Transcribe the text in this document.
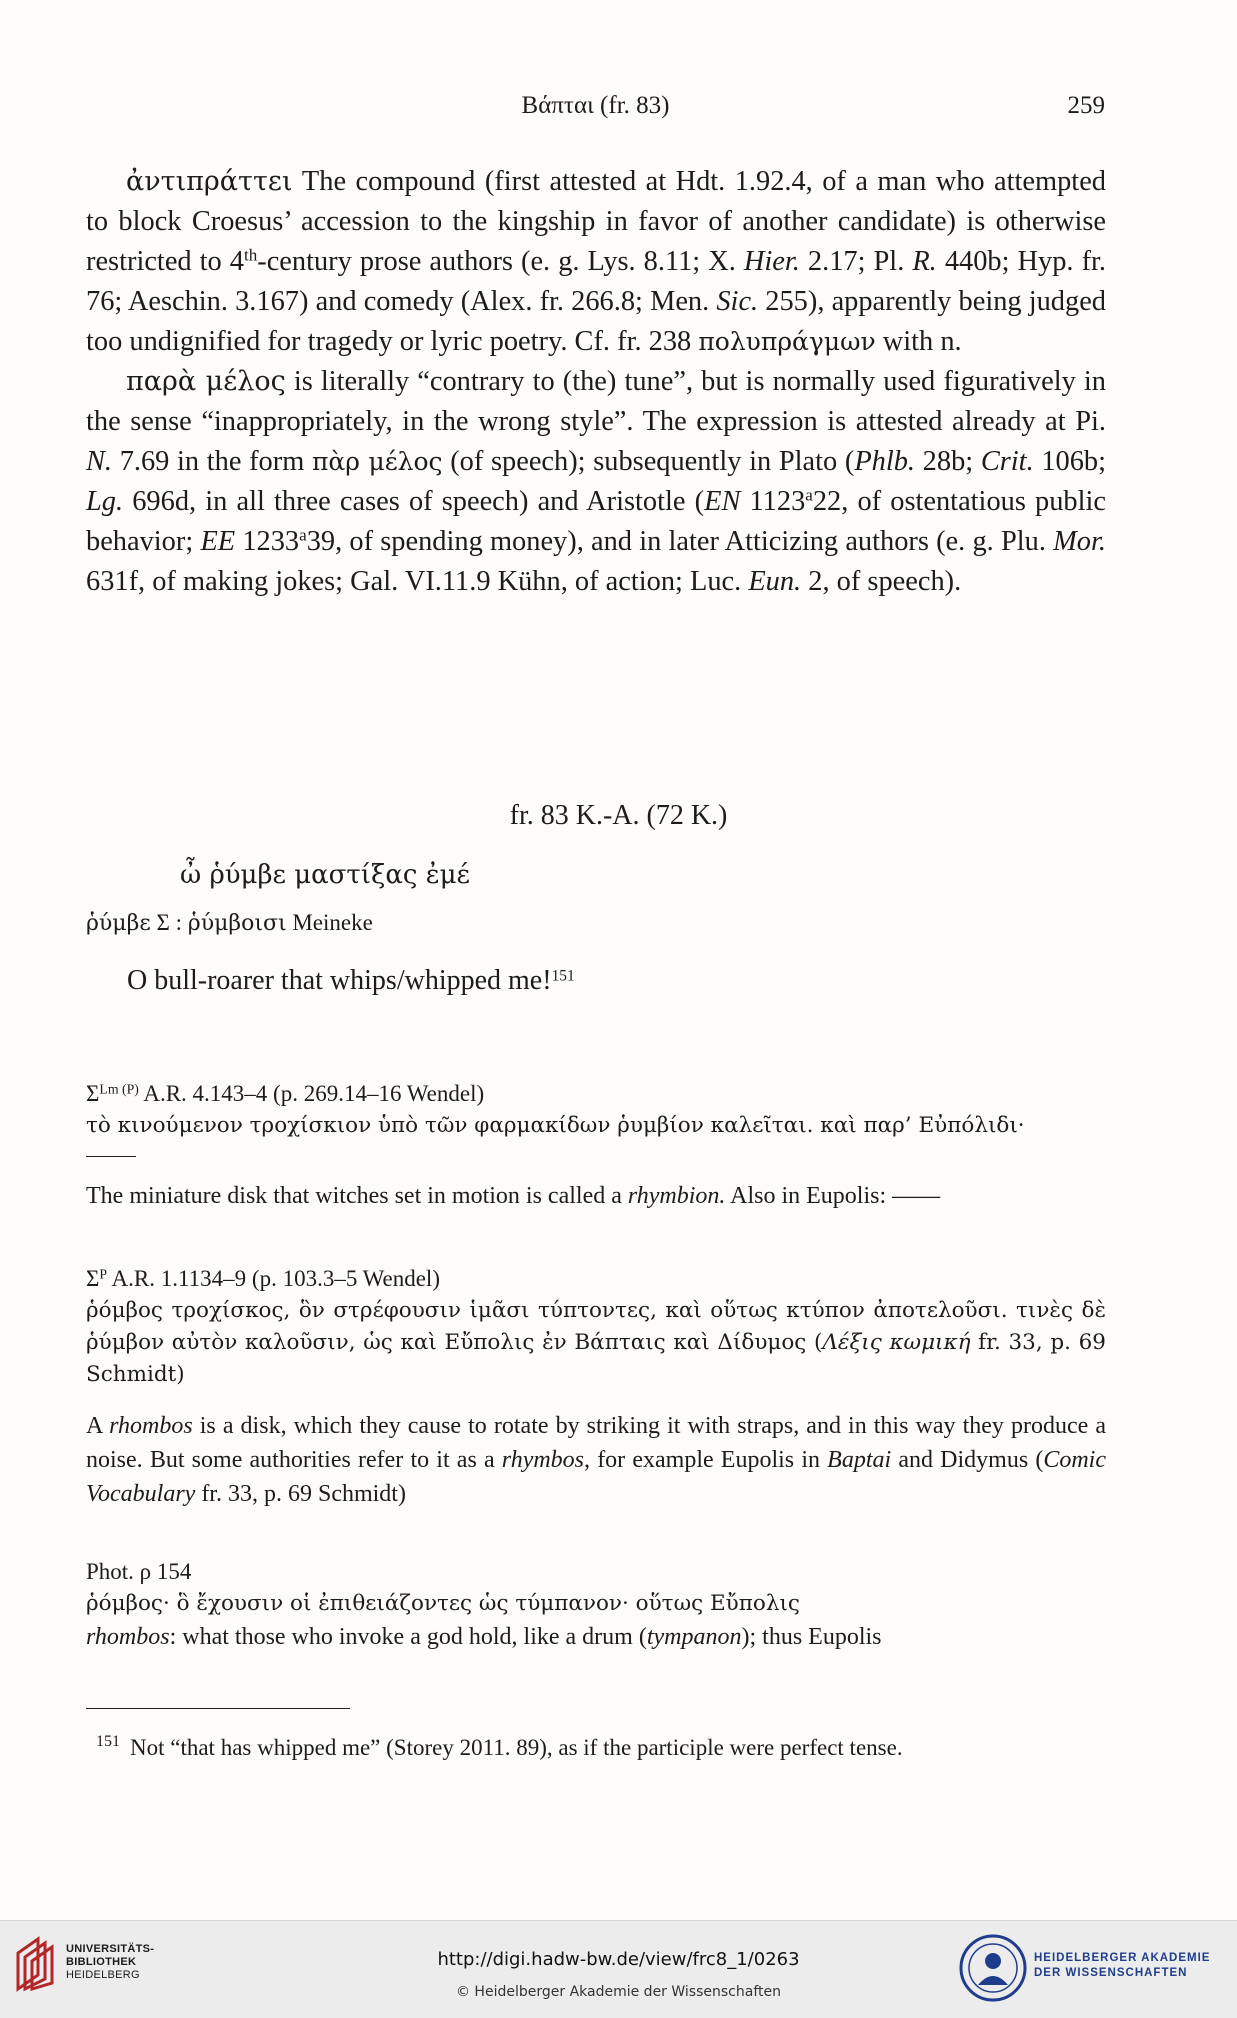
Βάπται (fr. 83)	259

ἀντιπράττει The compound (first attested at Hdt. 1.92.4, of a man who attempted to block Croesus’ accession to the kingship in favor of another candidate) is otherwise restricted to 4th-century prose authors (e. g. Lys. 8.11; X. Hier. 2.17; Pl. R. 440b; Hyp. fr. 76; Aeschin. 3.167) and comedy (Alex. fr. 266.8; Men. Sic. 255), apparently being judged too undignified for tragedy or lyric poetry. Cf. fr. 238 πολυπράγμων with n.

παρὰ μέλος is literally “contrary to (the) tune”, but is normally used figuratively in the sense “inappropriately, in the wrong style”. The expression is attested already at Pi. N. 7.69 in the form πὰρ μέλος (of speech); subsequently in Plato (Phlb. 28b; Crit. 106b; Lg. 696d, in all three cases of speech) and Aristotle (EN 1123$^a$22, of ostentatious public behavior; EE 1233$^a$39, of spending money), and in later Atticizing authors (e. g. Plu. Mor. 631f, of making jokes; Gal. VI.11.9 Kühn, of action; Luc. Eun. 2, of speech).

fr. 83 K.-A. (72 K.)
ὦ ῥύμβε μαστίξας ἐμέ
ῥύμβε Σ : ῥύμβοισι Meineke
O bull-roarer that whips/whipped me!$^{151}$
$\Sigma^{Lm (P)}$ A.R. 4.143–4 (p. 269.14–16 Wendel)
τὸ κινούμενον τροχίσκιον ὑπὸ τῶν φαρμακίδων ῥυμβίον καλεῖται. καὶ παρ’ Εὐπόλιδι·
The miniature disk that witches set in motion is called a rhymbion. Also in Eupolis: ——
$\Sigma^P$ A.R. 1.1134–9 (p. 103.3–5 Wendel)
ῥόμβος τροχίσκος, ὃν στρέφουσιν ἱμᾶσι τύπτοντες, καὶ οὕτως κτύπον ἀποτελοῦσι. τινὲς δὲ ῥύμβον αὐτὸν καλοῦσιν, ὡς καὶ Εὔπολις ἐν Βάπταις καὶ Δίδυμος (Λέξις κωμική fr. 33, p. 69 Schmidt)
A rhombos is a disk, which they cause to rotate by striking it with straps, and in this way they produce a noise. But some authorities refer to it as a rhymbos, for example Eupolis in Baptai and Didymus (Comic Vocabulary fr. 33, p. 69 Schmidt)
Phot. ρ 154
ῥόμβος· ὃ ἔχουσιν οἱ ἐπιθειάζοντες ὡς τύμπανον· οὕτως Εὔπολις
rhombos: what those who invoke a god hold, like a drum (tympanon); thus Eupolis
$^{151}$ Not “that has whipped me” (Storey 2011. 89), as if the participle were perfect tense.
UNIVERSITÄTS-
BIBLIOTHEK
HEIDELBERG
http://digi.hadw-bw.de/view/frc8_1/0263
© Heidelberger Akademie der Wissenschaften
HEIDELBERGER AKADEMIE
DER WISSENSCHAFTEN
